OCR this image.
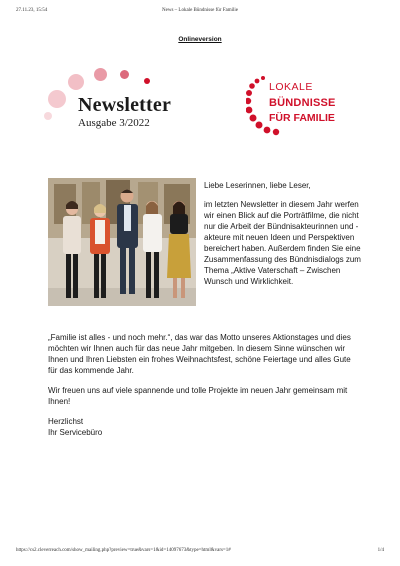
27.11.23, 15:54	News – Lokale Bündnisse für Familie
Onlineversion
Newsletter
Ausgabe 3/2022
LOKALE
BÜNDNISSE
FÜR FAMILIE

Liebe Leserinnen, liebe Leser,

im letzten Newsletter in diesem Jahr werfen wir einen Blick auf die Porträtfilme, die nicht nur die Arbeit der Bündnisakteurinnen und - akteure mit neuen Ideen und Perspektiven bereichert haben. Außerdem finden Sie eine Zusammenfassung des Bündnisdialogs zum Thema „Aktive Vaterschaft – Zwischen Wunsch und Wirklichkeit.

„Familie ist alles - und noch mehr.“, das war das Motto unseres Aktionstages und dies möchten wir Ihnen auch für das neue Jahr mitgeben. In diesem Sinne wünschen wir Ihnen und Ihren Liebsten ein frohes Weihnachtsfest, schöne Feiertage und alles Gute für das kommende Jahr.

Wir freuen uns auf viele spannende und tolle Projekte im neuen Jahr gemeinsam mit Ihnen!

Herzlichst
Ihr Servicebüro
https://cs2.cleverreach.com/show_mailing.php?preview=true&vars=1&id=14097673&type=html&vars=1#	1/4
